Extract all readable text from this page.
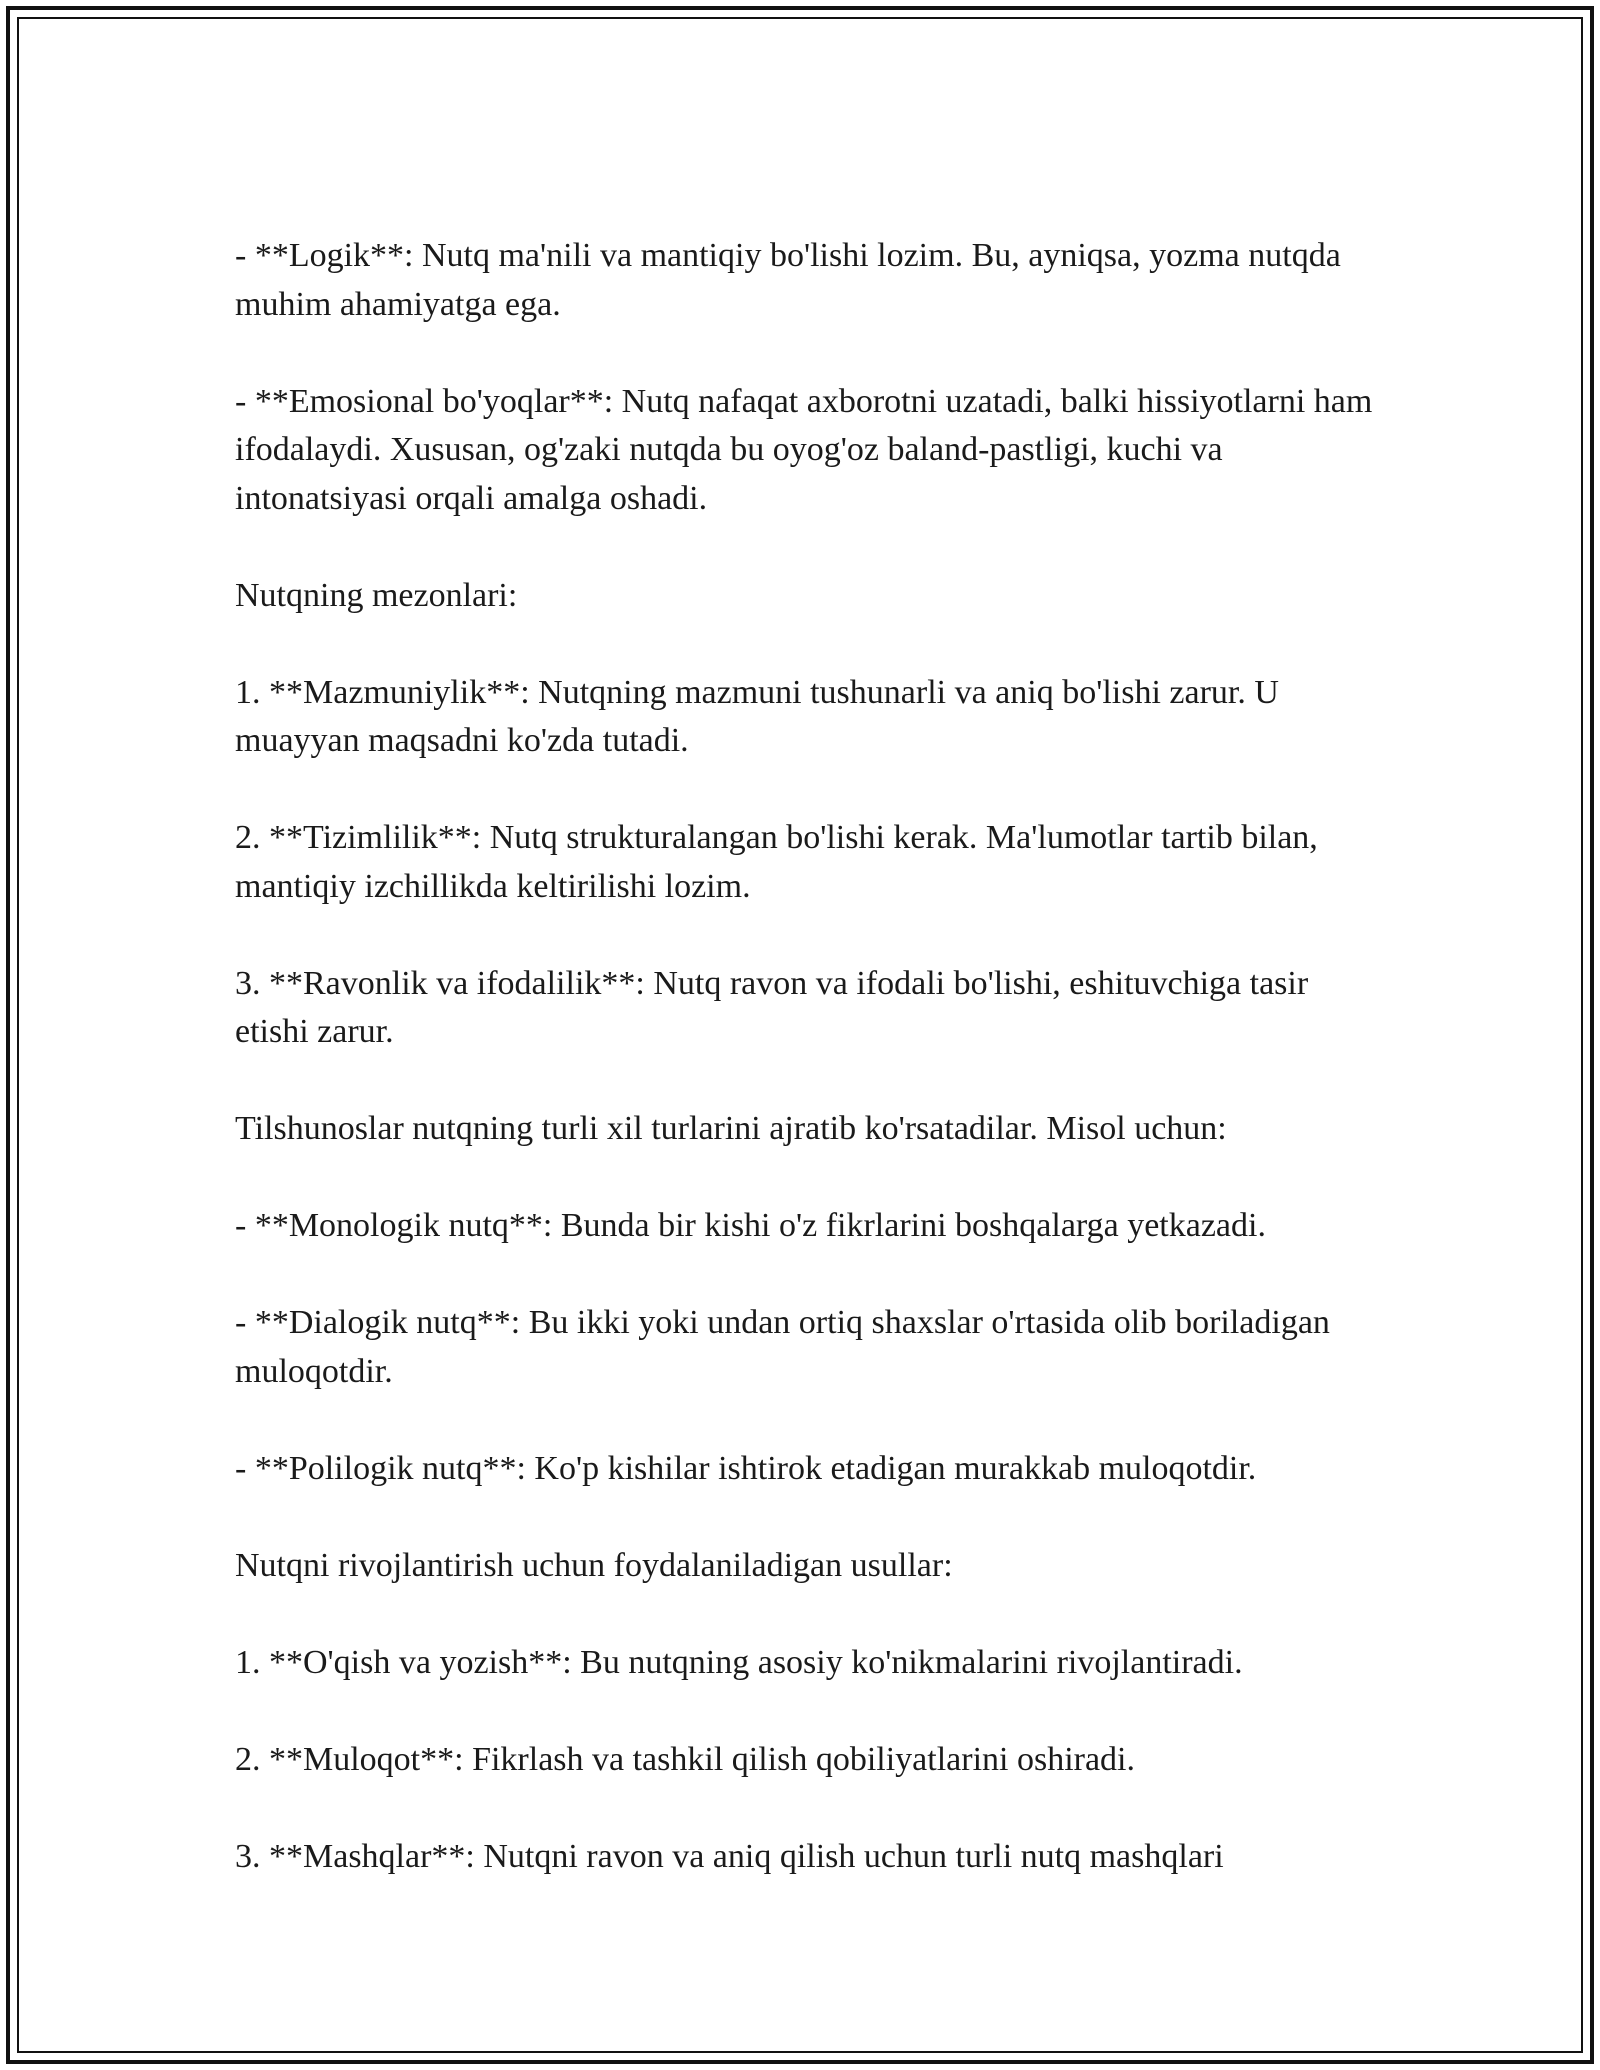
- **Logik**: Nutq ma'nili va mantiqiy bo'lishi lozim. Bu, ayniqsa, yozma nutqda muhim ahamiyatga ega.

- **Emosional bo'yoqlar**: Nutq nafaqat axborotni uzatadi, balki hissiyotlarni ham ifodalaydi. Xususan, og'zaki nutqda bu oyog'oz baland-pastligi, kuchi va intonatsiyasi orqali amalga oshadi.

Nutqning mezonlari:

1. **Mazmuniylik**: Nutqning mazmuni tushunarli va aniq bo'lishi zarur. U muayyan maqsadni ko'zda tutadi.

2. **Tizimlilik**: Nutq strukturalangan bo'lishi kerak. Ma'lumotlar tartib bilan, mantiqiy izchillikda keltirilishi lozim.

3. **Ravonlik va ifodalilik**: Nutq ravon va ifodali bo'lishi, eshituvchiga tasir etishi zarur.

Tilshunoslar nutqning turli xil turlarini ajratib ko'rsatadilar. Misol uchun:

- **Monologik nutq**: Bunda bir kishi o'z fikrlarini boshqalarga yetkazadi.

- **Dialogik nutq**: Bu ikki yoki undan ortiq shaxslar o'rtasida olib boriladigan muloqotdir.

- **Polilogik nutq**: Ko'p kishilar ishtirok etadigan murakkab muloqotdir.

Nutqni rivojlantirish uchun foydalaniladigan usullar:

1. **O'qish va yozish**: Bu nutqning asosiy ko'nikmalarini rivojlantiradi.

2. **Muloqot**: Fikrlash va tashkil qilish qobiliyatlarini oshiradi.

3. **Mashqlar**: Nutqni ravon va aniq qilish uchun turli nutq mashqlari
